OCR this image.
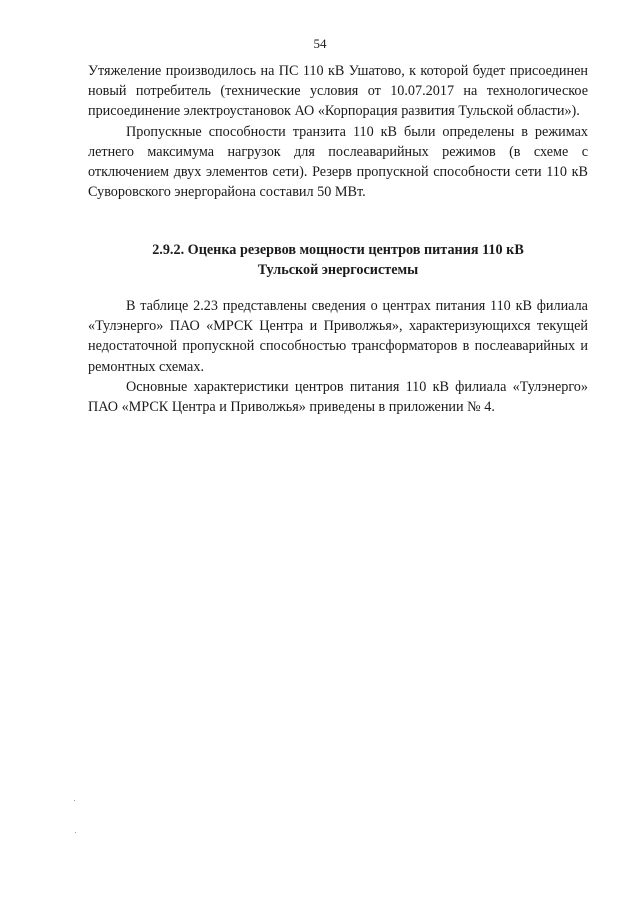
54

Утяжеление производилось на ПС 110 кВ Ушатово, к которой будет присоединен новый потребитель (технические условия от 10.07.2017 на технологическое присоединение электроустановок АО «Корпорация развития Тульской области»).

Пропускные способности транзита 110 кВ были определены в режимах летнего максимума нагрузок для послеаварийных режимов (в схеме с отключением двух элементов сети). Резерв пропускной способности сети 110 кВ Суворовского энергорайона составил 50 МВт.

2.9.2. Оценка резервов мощности центров питания 110 кВ
Тульской энергосистемы

В таблице 2.23 представлены сведения о центрах питания 110 кВ филиала «Тулэнерго» ПАО «МРСК Центра и Приволжья», характеризующихся текущей недостаточной пропускной способностью трансформаторов в послеаварийных и ремонтных схемах.

Основные характеристики центров питания 110 кВ филиала «Тулэнерго» ПАО «МРСК Центра и Приволжья» приведены в приложении № 4.
